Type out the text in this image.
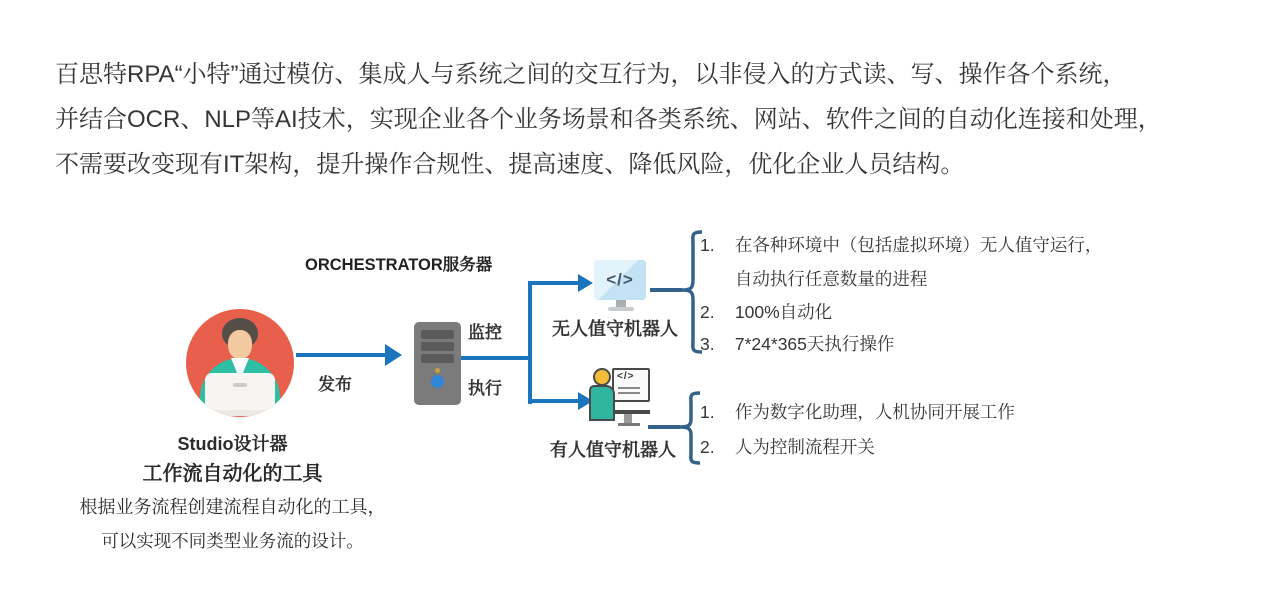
百思特RPA“小特”通过模仿、集成人与系统之间的交互行为，以非侵入的方式读、写、操作各个系统，
并结合OCR、NLP等AI技术，实现企业各个业务场景和各类系统、网站、软件之间的自动化连接和处理，
不需要改变现有IT架构，提升操作合规性、提高速度、降低风险，优化企业人员结构。
ORCHESTRATOR服务器
Studio设计器
工作流自动化的工具
根据业务流程创建流程自动化的工具，
可以实现不同类型业务流的设计。
发布
监控
执行
</>
无人值守机器人
</>
有人值守机器人
1. 在各种环境中（包括虚拟环境）无人值守运行，
自动执行任意数量的进程
2. 100%自动化
3. 7*24*365天执行操作
1. 作为数字化助理，人机协同开展工作
2. 人为控制流程开关
